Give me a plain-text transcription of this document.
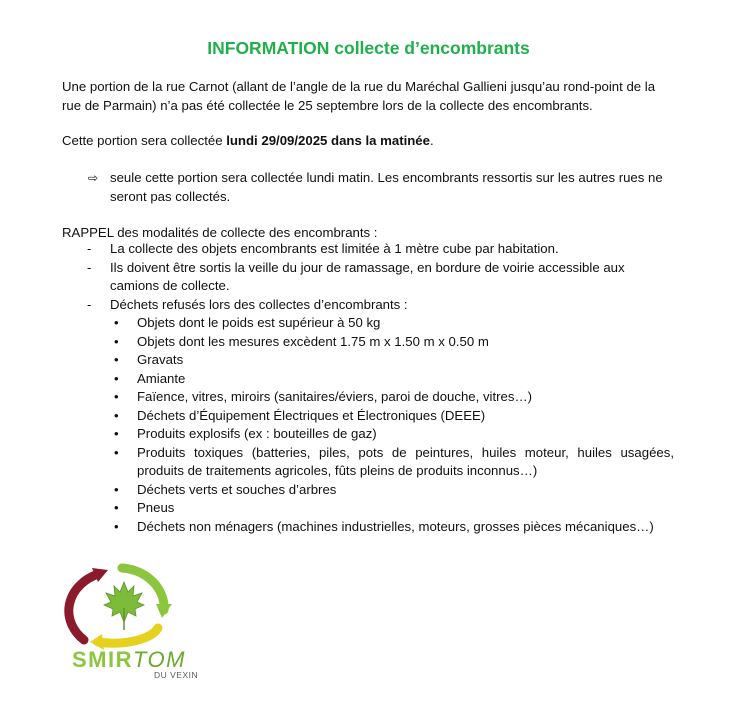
INFORMATION collecte d’encombrants
Une portion de la rue Carnot (allant de l’angle de la rue du Maréchal Gallieni jusqu’au rond-point de la rue de Parmain) n’a pas été collectée le 25 septembre lors de la collecte des encombrants.
Cette portion sera collectée lundi 29/09/2025 dans la matinée.
⇨ seule cette portion sera collectée lundi matin. Les encombrants ressortis sur les autres rues ne seront pas collectés.
RAPPEL des modalités de collecte des encombrants :
- La collecte des objets encombrants est limitée à 1 mètre cube par habitation.
- Ils doivent être sortis la veille du jour de ramassage, en bordure de voirie accessible aux camions de collecte.
- Déchets refusés lors des collectes d’encombrants :
• Objets dont le poids est supérieur à 50 kg
• Objets dont les mesures excèdent 1.75 m x 1.50 m x 0.50 m
• Gravats
• Amiante
• Faïence, vitres, miroirs (sanitaires/éviers, paroi de douche, vitres…)
• Déchets d’Équipement Électriques et Électroniques (DEEE)
• Produits explosifs (ex : bouteilles de gaz)
• Produits toxiques (batteries, piles, pots de peintures, huiles moteur, huiles usagées, produits de traitements agricoles, fûts pleins de produits inconnus…)
• Déchets verts et souches d’arbres
• Pneus
• Déchets non ménagers (machines industrielles, moteurs, grosses pièces mécaniques…)
SMIRTOM
DU VEXIN
